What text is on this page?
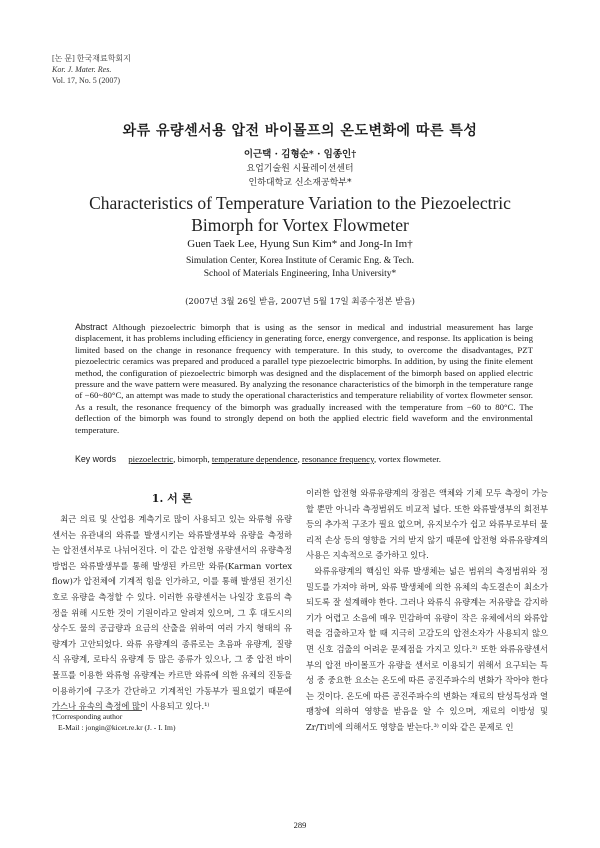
[논 문] 한국재료학회지
Kor. J. Mater. Res.
Vol. 17, No. 5 (2007)
와류 유량센서용 압전 바이몰프의 온도변화에 따른 특성
이근택 · 김형순* · 임종인†
요업기술원 시뮬레이션센터
인하대학교 신소재공학부*
Characteristics of Temperature Variation to the Piezoelectric Bimorph for Vortex Flowmeter
Guen Taek Lee, Hyung Sun Kim* and Jong-In Im†
Simulation Center, Korea Institute of Ceramic Eng. & Tech.
School of Materials Engineering, Inha University*
(2007년 3월 26일 받음, 2007년 5월 17일 최종수정본 받음)
Abstract Although piezoelectric bimorph that is using as the sensor in medical and industrial measurement has large displacement, it has problems including efficiency in generating force, energy convergence, and response. Its application is being limited based on the change in resonance frequency with temperature. In this study, to overcome the disadvantages, PZT piezoelectric ceramics was prepared and produced a parallel type piezoelectric bimorphs. In addition, by using the finite element method, the configuration of piezoelectric bimorph was designed and the displacement of the bimorph based on applied electric pressure and the wave pattern were measured. By analyzing the resonance characteristics of the bimorph in the temperature range of −60~80°C, an attempt was made to study the operational characteristics and temperature reliability of vortex flowmeter sensor. As a result, the resonance frequency of the bimorph was gradually increased with the temperature from −60 to 80°C. The deflection of the bimorph was found to strongly depend on both the applied electric field waveform and the environmental temperature.
Key words piezoelectric, bimorph, temperature dependence, resonance frequency, vortex flowmeter.
1. 서 론

최근 의료 및 산업용 계측기로 많이 사용되고 있는 와류형 유량센서는 유관내의 와류를 발생시키는 와류발생부와 유량을 측정하는 압전센서부로 나뉘어진다. 이 같은 압전형 유량센서의 유량측정 방법은 와류발생부를 통해 발생된 카르만 와류(Karman vortex flow)가 압전체에 기계적 힘을 인가하고, 이를 통해 발생된 전기신호로 유량을 측정할 수 있다. 이러한 유량센서는 나일강 호름의 측정을 위해 시도한 것이 기원이라고 알려져 있으며, 그 후 대도시의 상수도 물의 공급량과 요금의 산출을 위하여 여러 가지 형태의 유량계가 고안되었다. 와류 유량계의 종류로는 초음파 유량계, 질량식 유량계, 로타식 유량계 등 많은 종류가 있으나, 그 중 압전 바이몰프를 이용한 와류형 유량계는 카르만 와류에 의한 유체의 진동을 이용하기에 구조가 간단하고 기계적인 가동부가 필요없기 때문에 가스나 유속의 측정에 많이 사용되고 있다.¹⁾

이러한 압전형 와류유량계의 장점은 액체와 기체 모두 측정이 가능할 뿐만 아니라 측정범위도 비교적 넓다. 또한 와류발생부의 회전부등의 추가적 구조가 필요 없으며, 유지보수가 쉽고 와류부로부터 물리적 손상 등의 영향을 거의 받지 않기 때문에 압전형 와류유량계의 사용은 지속적으로 증가하고 있다.

와류유량계의 핵심인 와류 발생체는 넓은 범위의 측정범위와 정밀도를 가져야 하며, 와류 발생체에 의한 유체의 속도결손이 최소가 되도록 잘 설계해야 한다. 그러나 와류식 유량계는 저유량을 감지하기가 어렵고 소음에 매우 민감하여 유량이 작은 유체에서의 와류압력을 검출하고자 할 때 지극히 고감도의 압전소자가 사용되지 않으면 신호 검출의 어려운 문제점을 가지고 있다.²⁾ 또한 와류유량센서부의 압전 바이몰프가 유량을 센서로 이용되기 위해서 요구되는 특성 중 중요한 요소는 온도에 따른 공진주파수의 변화가 작아야 한다는 것이다. 온도에 따른 공진주파수의 변화는 재료의 탄성특성과 열팽창에 의하여 영향을 받음을 알 수 있으며, 재료의 이방성 및 Zr/Ti비에 의해서도 영향을 받는다.³⁾ 이와 같은 문제로 인

†Corresponding author
E-Mail : jongin@kicet.re.kr (J. - I. Im)
289
